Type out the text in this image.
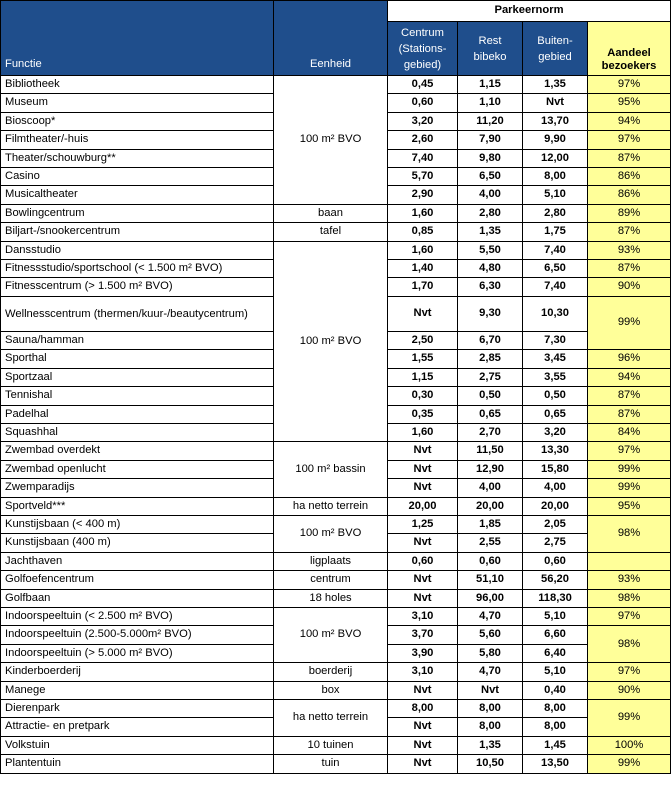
Functie	Eenheid	Parkeernorm			
		Centrum (Stations-gebied)	Rest bibeko	Buiten-gebied	Aandeel bezoekers
Bibliotheek	100 m² BVO	0,45	1,15	1,35	97%
Museum		0,60	1,10	Nvt	95%
Bioscoop*		3,20	11,20	13,70	94%
Filmtheater/-huis		2,60	7,90	9,90	97%
Theater/schouwburg**		7,40	9,80	12,00	87%
Casino		5,70	6,50	8,00	86%
Musicaltheater		2,90	4,00	5,10	86%
Bowlingcentrum	baan	1,60	2,80	2,80	89%
Biljart-/snookercentrum	tafel	0,85	1,35	1,75	87%
Dansstudio	100 m² BVO	1,60	5,50	7,40	93%
Fitnessstudio/sportschool (< 1.500 m² BVO)		1,40	4,80	6,50	87%
Fitnesscentrum (> 1.500 m² BVO)		1,70	6,30	7,40	90%
Wellnesscentrum (thermen/kuur-/beautycentrum)		Nvt	9,30	10,30	99%
Sauna/hamman		2,50	6,70	7,30	
Sporthal		1,55	2,85	3,45	96%
Sportzaal		1,15	2,75	3,55	94%
Tennishal		0,30	0,50	0,50	87%
Padelhal		0,35	0,65	0,65	87%
Squashhal		1,60	2,70	3,20	84%
Zwembad overdekt	100 m² bassin	Nvt	11,50	13,30	97%
Zwembad openlucht		Nvt	12,90	15,80	99%
Zwemparadijs		Nvt	4,00	4,00	99%
Sportveld***	ha netto terrein	20,00	20,00	20,00	95%
Kunstijsbaan (< 400 m)	100 m² BVO	1,25	1,85	2,05	98%
Kunstijsbaan (400 m)		Nvt	2,55	2,75	
Jachthaven	ligplaats	0,60	0,60	0,60	
Golfoefencentrum	centrum	Nvt	51,10	56,20	93%
Golfbaan	18 holes	Nvt	96,00	118,30	98%
Indoorspeeltuin (< 2.500 m² BVO)	100 m² BVO	3,10	4,70	5,10	97%
Indoorspeeltuin (2.500-5.000m² BVO)		3,70	5,60	6,60	98%
Indoorspeeltuin (> 5.000 m² BVO)		3,90	5,80	6,40	
Kinderboerderij	boerderij	3,10	4,70	5,10	97%
Manege	box	Nvt	Nvt	0,40	90%
Dierenpark	ha netto terrein	8,00	8,00	8,00	99%
Attractie- en pretpark		Nvt	8,00	8,00	
Volkstuin	10 tuinen	Nvt	1,35	1,45	100%
Plantentuin	tuin	Nvt	10,50	13,50	99%
